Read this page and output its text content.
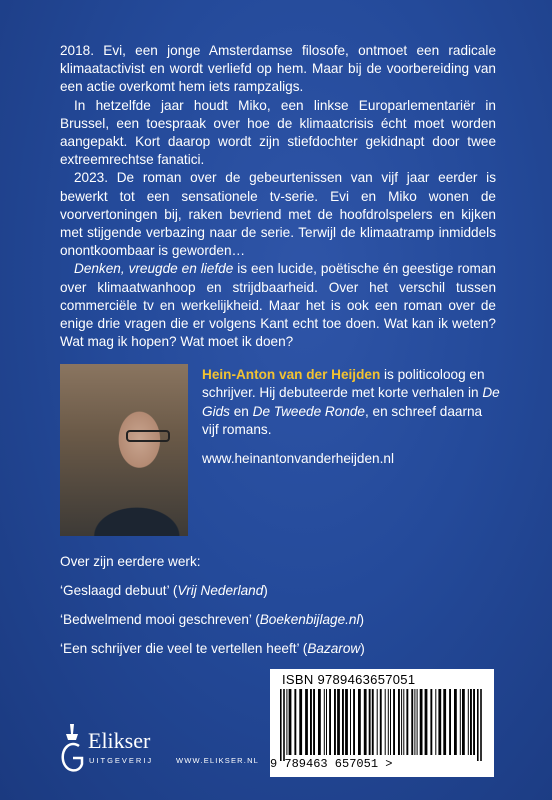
2018. Evi, een jonge Amsterdamse filosofe, ontmoet een radicale klimaatactivist en wordt verliefd op hem. Maar bij de voorbereiding van een actie overkomt hem iets rampzaligs.

In hetzelfde jaar houdt Miko, een linkse Europarlementariër in Brussel, een toespraak over hoe de klimaatcrisis écht moet worden aangepakt. Kort daarop wordt zijn stiefdochter gekidnapt door twee extreemrechtse fanatici.

2023. De roman over de gebeurtenissen van vijf jaar eerder is bewerkt tot een sensationele tv-serie. Evi en Miko wonen de voorvertoningen bij, raken bevriend met de hoofdrolspelers en kijken met stijgende verbazing naar de serie. Terwijl de klimaatramp inmiddels onontkoombaar is geworden…

Denken, vreugde en liefde is een lucide, poëtische én geestige roman over klimaatwanhoop en strijdbaarheid. Over het verschil tussen commerciële tv en werkelijkheid. Maar het is ook een roman over de enige drie vragen die er volgens Kant echt toe doen. Wat kan ik weten? Wat mag ik hopen? Wat moet ik doen?

Hein-Anton van der Heijden is politicoloog en schrijver. Hij debuteerde met korte verhalen in De Gids en De Tweede Ronde, en schreef daarna vijf romans.
www.heinantonvanderheijden.nl
Over zijn eerdere werk:
‘Geslaagd debuut’ (Vrij Nederland)
‘Bedwelmend mooi geschreven’ (Boekenbijlage.nl)
‘Een schrijver die veel te vertellen heeft’ (Bazarow)
Elikser
UITGEVERIJ	WWW.ELIKSER.NL
ISBN 9789463657051
9 789463 657051 >
